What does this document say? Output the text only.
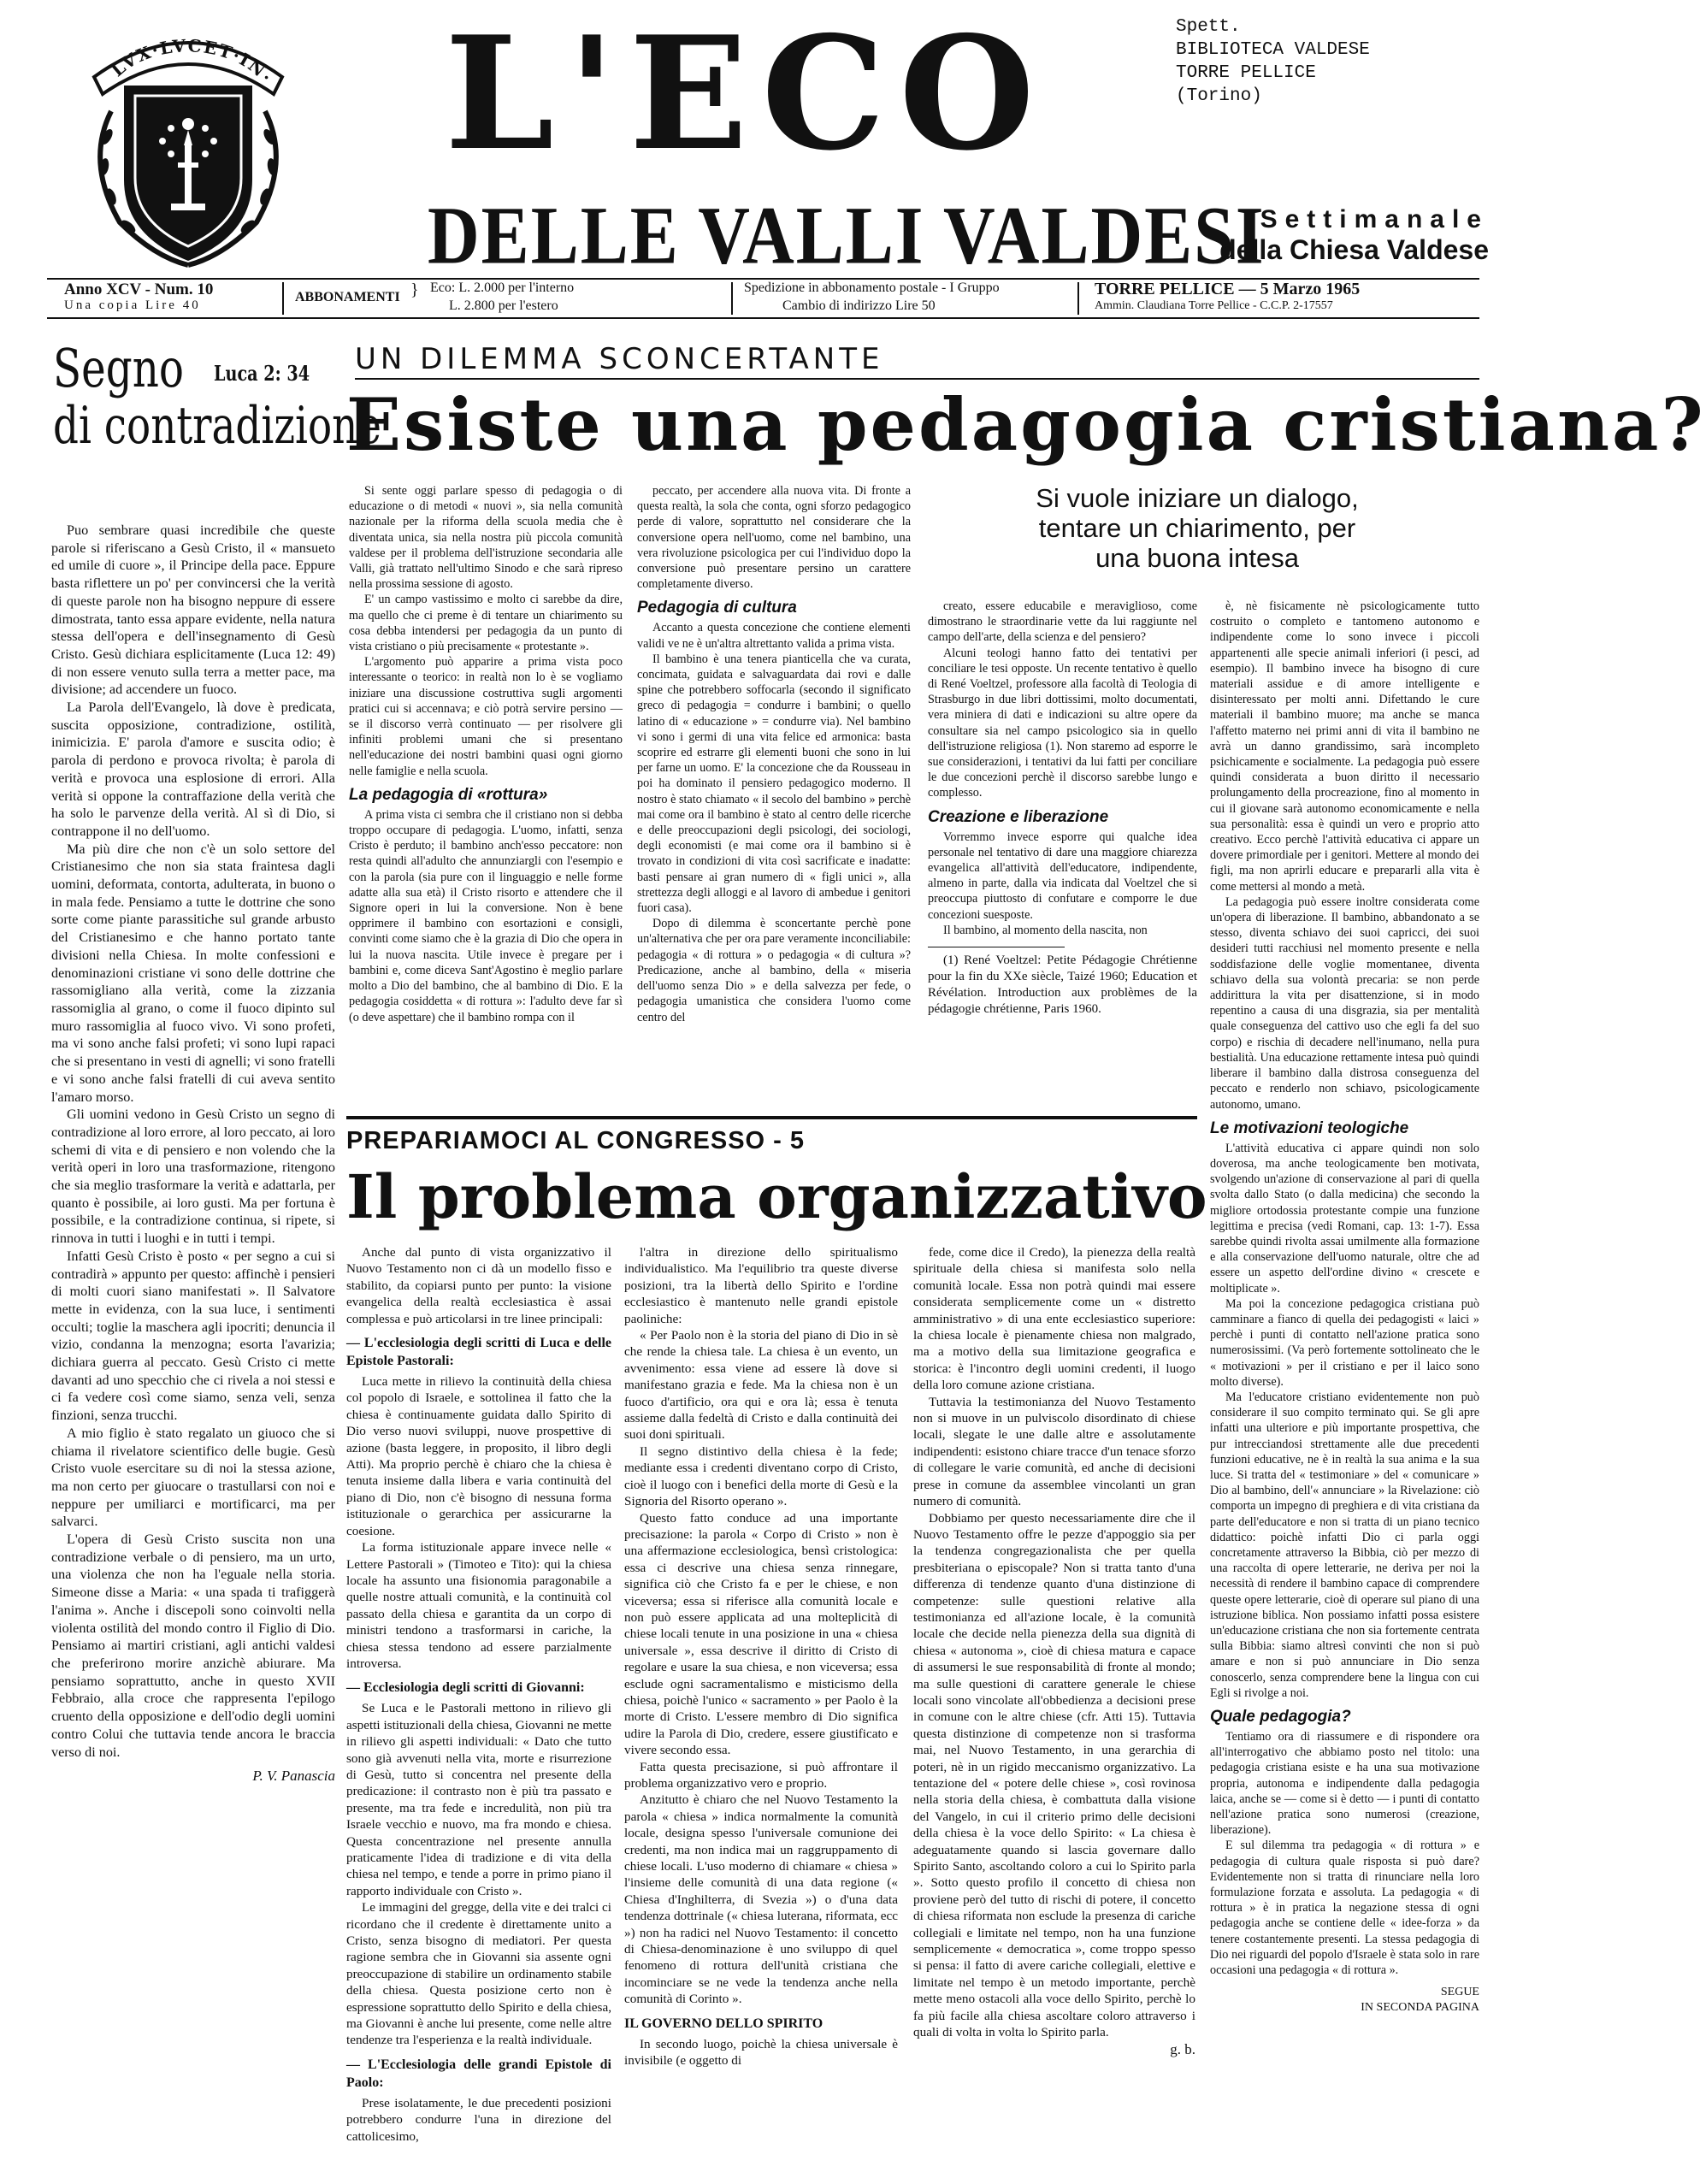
LVX·LVCET·IN· L'ECO
DELLE VALLI VALDESI
Spett.
BIBLIOTECA VALDESE
TORRE PELLICE
(Torino)
Settimanale
della Chiesa Valdese
Anno XCV - Num. 10
Una copia Lire 40
ABBONAMENTI } Eco: L. 2.000 per l'interno
L. 2.800 per l'estero
Spedizione in abbonamento postale - I Gruppo
Cambio di indirizzo Lire 50
TORRE PELLICE — 5 Marzo 1965
Ammin. Claudiana Torre Pellice - C.C.P. 2-17557
Segno	Luca 2: 34
di contradizione

Puo sembrare quasi incredibile che queste parole si riferiscano a Gesù Cristo, il « mansueto ed umile di cuore », il Principe della pace. Eppure basta riflettere un po' per convincersi che la verità di queste parole non ha bisogno neppure di essere dimostrata, tanto essa appare evidente, nella natura stessa dell'opera e dell'insegnamento di Gesù Cristo. Gesù dichiara esplicitamente (Luca 12: 49) di non essere venuto sulla terra a metter pace, ma divisione; ad accendere un fuoco.

La Parola dell'Evangelo, là dove è predicata, suscita opposizione, contradizione, ostilità, inimicizia. E' parola d'amore e suscita odio; è parola di perdono e provoca rivolta; è parola di verità e provoca una esplosione di errori. Alla verità si oppone la contraffazione della verità che ha solo le parvenze della verità. Al sì di Dio, si contrappone il no dell'uomo.

Ma più dire che non c'è un solo settore del Cristianesimo che non sia stata fraintesa dagli uomini, deformata, contorta, adulterata, in buono o in mala fede. Pensiamo a tutte le dottrine che sono sorte come piante parassitiche sul grande arbusto del Cristianesimo e che hanno portato tante divisioni nella Chiesa. In molte confessioni e denominazioni cristiane vi sono delle dottrine che rassomigliano alla verità, come la zizzania rassomiglia al grano, o come il fuoco dipinto sul muro rassomiglia al fuoco vivo. Vi sono profeti, ma vi sono anche falsi profeti; vi sono lupi rapaci che si presentano in vesti di agnelli; vi sono fratelli e vi sono anche falsi fratelli di cui aveva sentito l'amaro morso.

Gli uomini vedono in Gesù Cristo un segno di contradizione al loro errore, al loro peccato, ai loro schemi di vita e di pensiero e non volendo che la verità operi in loro una trasformazione, ritengono che sia meglio trasformare la verità e adattarla, per quanto è possibile, ai loro gusti. Ma per fortuna è possibile, e la contradizione continua, si ripete, si rinnova in tutti i luoghi e in tutti i tempi.

Infatti Gesù Cristo è posto « per segno a cui si contradirà » appunto per questo: affinchè i pensieri di molti cuori siano manifestati ». Il Salvatore mette in evidenza, con la sua luce, i sentimenti occulti; toglie la maschera agli ipocriti; denuncia il vizio, condanna la menzogna; esorta l'avarizia; dichiara guerra al peccato. Gesù Cristo ci mette davanti ad uno specchio che ci rivela a noi stessi e ci fa vedere così come siamo, senza veli, senza finzioni, senza trucchi.

A mio figlio è stato regalato un giuoco che si chiama il rivelatore scientifico delle bugie. Gesù Cristo vuole esercitare su di noi la stessa azione, ma non certo per giuocare o trastullarsi con noi e neppure per umiliarci e mortificarci, ma per salvarci.

L'opera di Gesù Cristo suscita non una contradizione verbale o di pensiero, ma un urto, una violenza che non ha l'eguale nella storia. Simeone disse a Maria: « una spada ti trafiggerà l'anima ». Anche i discepoli sono coinvolti nella violenta ostilità del mondo contro il Figlio di Dio. Pensiamo ai martiri cristiani, agli antichi valdesi che preferirono morire anzichè abiurare. Ma pensiamo soprattutto, anche in questo XVII Febbraio, alla croce che rappresenta l'epilogo cruento della opposizione e dell'odio degli uomini contro Colui che tuttavia tende ancora le braccia verso di noi.

P. V. Panascia
UN DILEMMA SCONCERTANTE
Esiste una pedagogia cristiana?
Si vuole iniziare un dialogo, tentare un chiarimento, per una buona intesa

Si sente oggi parlare spesso di pedagogia o di educazione o di metodi « nuovi », sia nella comunità nazionale per la riforma della scuola media che è diventata unica, sia nella nostra più piccola comunità valdese per il problema dell'istruzione secondaria alle Valli, già trattato nell'ultimo Sinodo e che sarà ripreso nella prossima sessione di agosto.

E' un campo vastissimo e molto ci sarebbe da dire, ma quello che ci preme è di tentare un chiarimento su cosa debba intendersi per pedagogia da un punto di vista cristiano o più precisamente « protestante ».

L'argomento può apparire a prima vista poco interessante o teorico: in realtà non lo è se vogliamo iniziare una discussione costruttiva sugli argomenti pratici cui si accennava; e ciò potrà servire persino — se il discorso verrà continuato — per risolvere gli infiniti problemi umani che si presentano nell'educazione dei nostri bambini quasi ogni giorno nelle famiglie e nella scuola.

La pedagogia di «rottura»

A prima vista ci sembra che il cristiano non si debba troppo occupare di pedagogia. L'uomo, infatti, senza Cristo è perduto; il bambino anch'esso peccatore: non resta quindi all'adulto che annunziargli con l'esempio e con la parola (sia pure con il linguaggio e nelle forme adatte alla sua età) il Cristo risorto e attendere che il Signore operi in lui la conversione. Non è bene opprimere il bambino con esortazioni e consigli, convinti come siamo che è la grazia di Dio che opera in lui la nuova nascita. Utile invece è pregare per i bambini e, come diceva Sant'Agostino è meglio parlare molto a Dio del bambino, che al bambino di Dio. E la pedagogia cosiddetta « di rottura »: l'adulto deve far sì (o deve aspettare) che il bambino rompa con il

peccato, per accendere alla nuova vita. Di fronte a questa realtà, la sola che conta, ogni sforzo pedagogico perde di valore, soprattutto nel considerare che la conversione opera nell'uomo, come nel bambino, una vera rivoluzione psicologica per cui l'individuo dopo la conversione può presentare persino un carattere completamente diverso.

Pedagogia di cultura

Accanto a questa concezione che contiene elementi validi ve ne è un'altra altrettanto valida a prima vista.

Il bambino è una tenera pianticella che va curata, concimata, guidata e salvaguardata dai rovi e dalle spine che potrebbero soffocarla (secondo il significato greco di pedagogia = condurre i bambini; o quello latino di « educazione » = condurre via). Nel bambino vi sono i germi di una vita felice ed armonica: basta scoprire ed estrarre gli elementi buoni che sono in lui per farne un uomo. E' la concezione che da Rousseau in poi ha dominato il pensiero pedagogico moderno. Il nostro è stato chiamato « il secolo del bambino » perchè mai come ora il bambino è stato al centro delle ricerche e delle preoccupazioni degli psicologi, dei sociologi, degli economisti (e mai come ora il bambino si è trovato in condizioni di vita così sacrificate e inadatte: basti pensare ai gran numero di « figli unici », alla strettezza degli alloggi e al lavoro di ambedue i genitori fuori casa).

Dopo di dilemma è sconcertante perchè pone un'alternativa che per ora pare veramente inconciliabile: pedagogia « di rottura » o pedagogia « di cultura »? Predicazione, anche al bambino, della « miseria dell'uomo senza Dio » e della salvezza per fede, o pedagogia umanistica che considera l'uomo come centro del

creato, essere educabile e meraviglioso, come dimostrano le straordinarie vette da lui raggiunte nel campo dell'arte, della scienza e del pensiero?

Alcuni teologi hanno fatto dei tentativi per conciliare le tesi opposte. Un recente tentativo è quello di René Voeltzel, professore alla facoltà di Teologia di Strasburgo in due libri dottissimi, molto documentati, vera miniera di dati e indicazioni su altre opere da consultare sia nel campo psicologico sia in quello dell'istruzione religiosa (1). Non staremo ad esporre le sue considerazioni, i tentativi da lui fatti per conciliare le due concezioni perchè il discorso sarebbe lungo e complesso.

Creazione e liberazione

Vorremmo invece esporre qui qualche idea personale nel tentativo di dare una maggiore chiarezza evangelica all'attività dell'educatore, indipendente, almeno in parte, dalla via indicata dal Voeltzel che si preoccupa piuttosto di confutare e comporre le due concezioni suesposte.

Il bambino, al momento della nascita, non

(1) René Voeltzel: Petite Pédagogie Chrétienne pour la fin du XXe siècle, Taizé 1960; Education et Révélation. Introduction aux problèmes de la pédagogie chrétienne, Paris 1960.

è, nè fisicamente nè psicologicamente tutto costruito o completo e tantomeno autonomo e indipendente come lo sono invece i piccoli appartenenti alle specie animali inferiori (i pesci, ad esempio). Il bambino invece ha bisogno di cure materiali assidue e di amore intelligente e disinteressato per molti anni. Difettando le cure materiali il bambino muore; ma anche se manca l'affetto materno nei primi anni di vita il bambino ne avrà un danno grandissimo, sarà incompleto psichicamente e socialmente. La pedagogia può essere quindi considerata a buon diritto il necessario prolungamento della procreazione, fino al momento in cui il giovane sarà autonomo economicamente e nella sua personalità: essa è quindi un vero e proprio atto creativo. Ecco perchè l'attività educativa ci appare un dovere primordiale per i genitori. Mettere al mondo dei figli, ma non aprirli educare e prepararli alla vita è come mettersi al mondo a metà.

La pedagogia può essere inoltre considerata come un'opera di liberazione. Il bambino, abbandonato a se stesso, diventa schiavo dei suoi capricci, dei suoi desideri tutti racchiusi nel momento presente e nella soddisfazione delle voglie momentanee, diventa schiavo della sua volontà precaria: se non perde addirittura la vita per disattenzione, si in modo repentino a causa di una disgrazia, sia per mentalità quale conseguenza del cattivo uso che egli fa del suo corpo) e rischia di decadere nell'inumano, nella pura bestialità. Una educazione rettamente intesa può quindi liberare il bambino dalla distrosa conseguenza del peccato e renderlo non schiavo, psicologicamente autonomo, umano.

Le motivazioni teologiche

L'attività educativa ci appare quindi non solo doverosa, ma anche teologicamente ben motivata, svolgendo un'azione di conservazione al pari di quella svolta dallo Stato (o dalla medicina) che secondo la migliore ortodossia protestante compie una funzione legittima e precisa (vedi Romani, cap. 13: 1-7). Essa sarebbe quindi rivolta assai umilmente alla formazione e alla conservazione dell'uomo naturale, oltre che ad essere un aspetto dell'ordine divino « crescete e moltiplicate ».

Ma poi la concezione pedagogica cristiana può camminare a fianco di quella dei pedagogisti « laici » perchè i punti di contatto nell'azione pratica sono numerosissimi. (Va però fortemente sottolineato che le « motivazioni » per il cristiano e per il laico sono molto diverse).

Ma l'educatore cristiano evidentemente non può considerare il suo compito terminato qui. Se gli apre infatti una ulteriore e più importante prospettiva, che pur intrecciandosi strettamente alle due precedenti funzioni educative, ne è in realtà la sua anima e la sua luce. Si tratta del « testimoniare » del « comunicare » Dio al bambino, dell'« annunciare » la Rivelazione: ciò comporta un impegno di preghiera e di vita cristiana da parte dell'educatore e non si tratta di un piano tecnico didattico: poichè infatti Dio ci parla oggi concretamente attraverso la Bibbia, ciò per mezzo di una raccolta di opere letterarie, ne deriva per noi la necessità di rendere il bambino capace di comprendere queste opere letterarie, cioè di operare sul piano di una istruzione biblica. Non possiamo infatti possa esistere un'educazione cristiana che non sia fortemente centrata sulla Bibbia: siamo altresì convinti che non si può amare e non si può annunciare in Dio senza conoscerlo, senza comprendere bene la lingua con cui Egli si rivolge a noi.

Quale pedagogia?

Tentiamo ora di riassumere e di rispondere ora all'interrogativo che abbiamo posto nel titolo: una pedagogia cristiana esiste e ha una sua motivazione propria, autonoma e indipendente dalla pedagogia laica, anche se — come si è detto — i punti di contatto nell'azione pratica sono numerosi (creazione, liberazione).

E sul dilemma tra pedagogia « di rottura » e pedagogia di cultura quale risposta si può dare? Evidentemente non si tratta di rinunciare nella loro formulazione forzata e assoluta. La pedagogia « di rottura » è in pratica la negazione stessa di ogni pedagogia anche se contiene delle « idee-forza » da tenere costantemente presenti. La stessa pedagogia di Dio nei riguardi del popolo d'Israele è stata solo in rare occasioni una pedagogia « di rottura ».

SEGUE
IN SECONDA PAGINA
PREPARIAMOCI AL CONGRESSO - 5
Il problema organizzativo

Anche dal punto di vista organizzativo il Nuovo Testamento non ci dà un modello fisso e stabilito, da copiarsi punto per punto: la visione evangelica della realtà ecclesiastica è assai complessa e può articolarsi in tre linee principali:

— L'ecclesiologia degli scritti di Luca e delle Epistole Pastorali:

Luca mette in rilievo la continuità della chiesa col popolo di Israele, e sottolinea il fatto che la chiesa è continuamente guidata dallo Spirito di Dio verso nuovi sviluppi, nuove prospettive di azione (basta leggere, in proposito, il libro degli Atti). Ma proprio perchè è chiaro che la chiesa è tenuta insieme dalla libera e varia continuità del piano di Dio, non c'è bisogno di nessuna forma istituzionale o gerarchica per assicurarne la coesione.

La forma istituzionale appare invece nelle « Lettere Pastorali » (Timoteo e Tito): qui la chiesa locale ha assunto una fisionomia paragonabile a quelle nostre attuali comunità, e la continuità col passato della chiesa e garantita da un corpo di ministri tendono a trasformarsi in cariche, la chiesa stessa tendono ad essere parzialmente introversa.

— Ecclesiologia degli scritti di Giovanni:

Se Luca e le Pastorali mettono in rilievo gli aspetti istituzionali della chiesa, Giovanni ne mette in rilievo gli aspetti individuali: « Dato che tutto sono già avvenuti nella vita, morte e risurrezione di Gesù, tutto si concentra nel presente della predicazione: il contrasto non è più tra passato e presente, ma tra fede e incredulità, non più tra Israele vecchio e nuovo, ma fra mondo e chiesa. Questa concentrazione nel presente annulla praticamente l'idea di tradizione e di vita della chiesa nel tempo, e tende a porre in primo piano il rapporto individuale con Cristo ».

Le immagini del gregge, della vite e dei tralci ci ricordano che il credente è direttamente unito a Cristo, senza bisogno di mediatori. Per questa ragione sembra che in Giovanni sia assente ogni preoccupazione di stabilire un ordinamento stabile della chiesa. Questa posizione certo non è espressione soprattutto dello Spirito e della chiesa, ma Giovanni è anche lui presente, come nelle altre tendenze tra l'esperienza e la realtà individuale.

— L'Ecclesiologia delle grandi Epistole di Paolo:

Prese isolatamente, le due precedenti posizioni potrebbero condurre l'una in direzione del cattolicesimo,

l'altra in direzione dello spiritualismo individualistico. Ma l'equilibrio tra queste diverse posizioni, tra la libertà dello Spirito e l'ordine ecclesiastico è mantenuto nelle grandi epistole paoliniche:

« Per Paolo non è la storia del piano di Dio in sè che rende la chiesa tale. La chiesa è un evento, un avvenimento: essa viene ad essere là dove si manifestano grazia e fede. Ma la chiesa non è un fuoco d'artificio, ora qui e ora là; essa è tenuta assieme dalla fedeltà di Cristo e dalla continuità dei suoi doni spirituali.

Il segno distintivo della chiesa è la fede; mediante essa i credenti diventano corpo di Cristo, cioè il luogo con i benefici della morte di Gesù e la Signoria del Risorto operano ».

Questo fatto conduce ad una importante precisazione: la parola « Corpo di Cristo » non è una affermazione ecclesiologica, bensì cristologica: essa ci descrive una chiesa senza rinnegare, significa ciò che Cristo fa e per le chiese, e non viceversa; essa si riferisce alla comunità locale e non può essere applicata ad una molteplicità di chiese locali tenute in una posizione in una « chiesa universale », essa descrive il diritto di Cristo di regolare e usare la sua chiesa, e non viceversa; essa esclude ogni sacramentalismo e misticismo della chiesa, poichè l'unico « sacramento » per Paolo è la morte di Cristo. L'essere membro di Dio significa udire la Parola di Dio, credere, essere giustificato e vivere secondo essa.

Fatta questa precisazione, si può affrontare il problema organizzativo vero e proprio.

Anzitutto è chiaro che nel Nuovo Testamento la parola « chiesa » indica normalmente la comunità locale, designa spesso l'universale comunione dei credenti, ma non indica mai un raggruppamento di chiese locali. L'uso moderno di chiamare « chiesa » l'insieme delle comunità di una data regione (« Chiesa d'Inghilterra, di Svezia ») o d'una data tendenza dottrinale (« chiesa luterana, riformata, ecc ») non ha radici nel Nuovo Testamento: il concetto di Chiesa-denominazione è uno sviluppo di quel fenomeno di rottura dell'unità cristiana che incominciare se ne vede la tendenza anche nella comunità di Corinto ».

IL GOVERNO DELLO SPIRITO

In secondo luogo, poichè la chiesa universale è invisibile (e oggetto di

fede, come dice il Credo), la pienezza della realtà spirituale della chiesa si manifesta solo nella comunità locale. Essa non potrà quindi mai essere considerata semplicemente come un « distretto amministrativo » di una ente ecclesiastico superiore: la chiesa locale è pienamente chiesa non malgrado, ma a motivo della sua limitazione geografica e storica: è l'incontro degli uomini credenti, il luogo della loro comune azione cristiana.

Tuttavia la testimonianza del Nuovo Testamento non si muove in un pulviscolo disordinato di chiese locali, slegate le une dalle altre e assolutamente indipendenti: esistono chiare tracce d'un tenace sforzo di collegare le varie comunità, ed anche di decisioni prese in comune da assemblee vincolanti un gran numero di comunità.

Dobbiamo per questo necessariamente dire che il Nuovo Testamento offre le pezze d'appoggio sia per la tendenza congregazionalista che per quella presbiteriana o episcopale? Non si tratta tanto d'una differenza di tendenze quanto d'una distinzione di competenze: sulle questioni relative alla testimonianza ed all'azione locale, è la comunità locale che decide nella pienezza della sua dignità di chiesa « autonoma », cioè di chiesa matura e capace di assumersi le sue responsabilità di fronte al mondo; ma sulle questioni di carattere generale le chiese locali sono vincolate all'obbedienza a decisioni prese in comune con le altre chiese (cfr. Atti 15). Tuttavia questa distinzione di competenze non si trasforma mai, nel Nuovo Testamento, in una gerarchia di poteri, nè in un rigido meccanismo organizzativo. La tentazione del « potere delle chiese », così rovinosa nella storia della chiesa, è combattuta dalla visione del Vangelo, in cui il criterio primo delle decisioni della chiesa è la voce dello Spirito: « La chiesa è adeguatamente quando si lascia governare dallo Spirito Santo, ascoltando coloro a cui lo Spirito parla ». Sotto questo profilo il concetto di chiesa non proviene però del tutto di rischi di potere, il concetto di chiesa riformata non esclude la presenza di cariche collegiali e limitate nel tempo, non ha una funzione semplicemente « democratica », come troppo spesso si pensa: il fatto di avere cariche collegiali, elettive e limitate nel tempo è un metodo importante, perchè mette meno ostacoli alla voce dello Spirito, perchè lo fa più facile alla chiesa ascoltare coloro attraverso i quali di volta in volta lo Spirito parla.

g. b.
